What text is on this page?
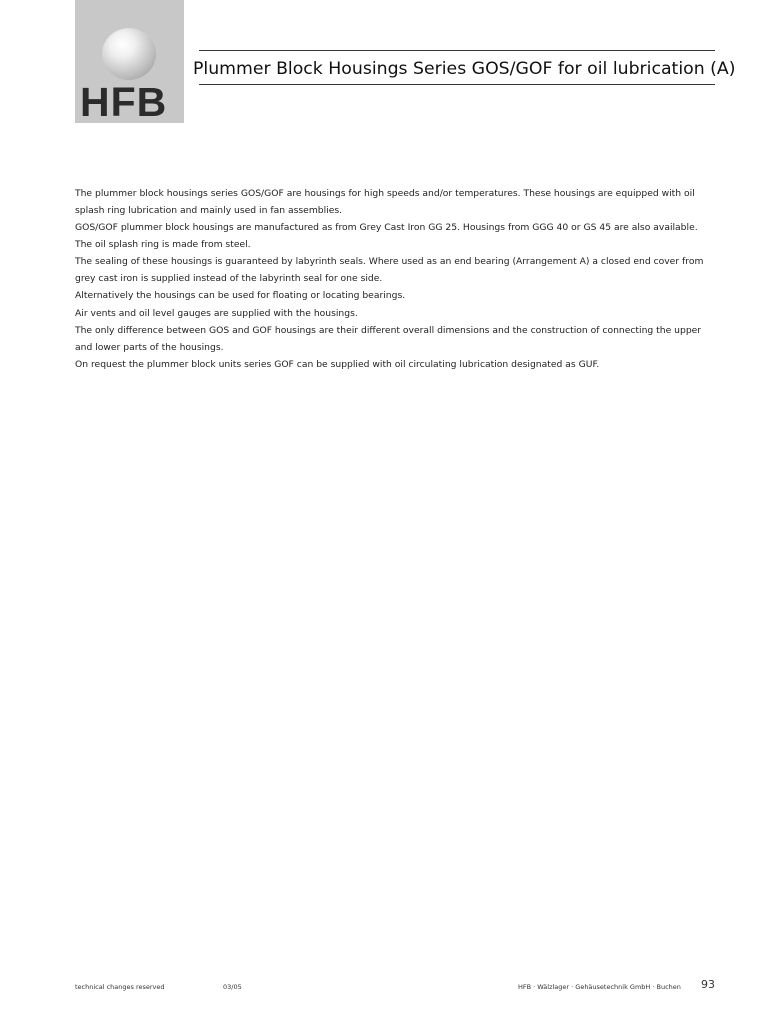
HFB
Plummer Block Housings Series GOS/GOF for oil lubrication (A)

The plummer block housings series GOS/GOF are housings for high speeds and/or temperatures. These housings are equipped with oil splash ring lubrication and mainly used in fan assemblies.

GOS/GOF plummer block housings are manufactured as from Grey Cast Iron GG 25. Housings from GGG 40 or GS 45 are also available. The oil splash ring is made from steel.

The sealing of these housings is guaranteed by labyrinth seals. Where used as an end bearing (Arrangement A) a closed end cover from grey cast iron is supplied instead of the labyrinth seal for one side.

Alternatively the housings can be used for floating or locating bearings.

Air vents and oil level gauges are supplied with the housings.

The only difference between GOS and GOF housings are their different overall dimensions and the construction of connecting the upper and lower parts of the housings.

On request the plummer block units series GOF can be supplied with oil circulating lubrication designated as GUF.

technical changes reserved	03/05	HFB · Wälzlager · Gehäusetechnik GmbH · Buchen 93
